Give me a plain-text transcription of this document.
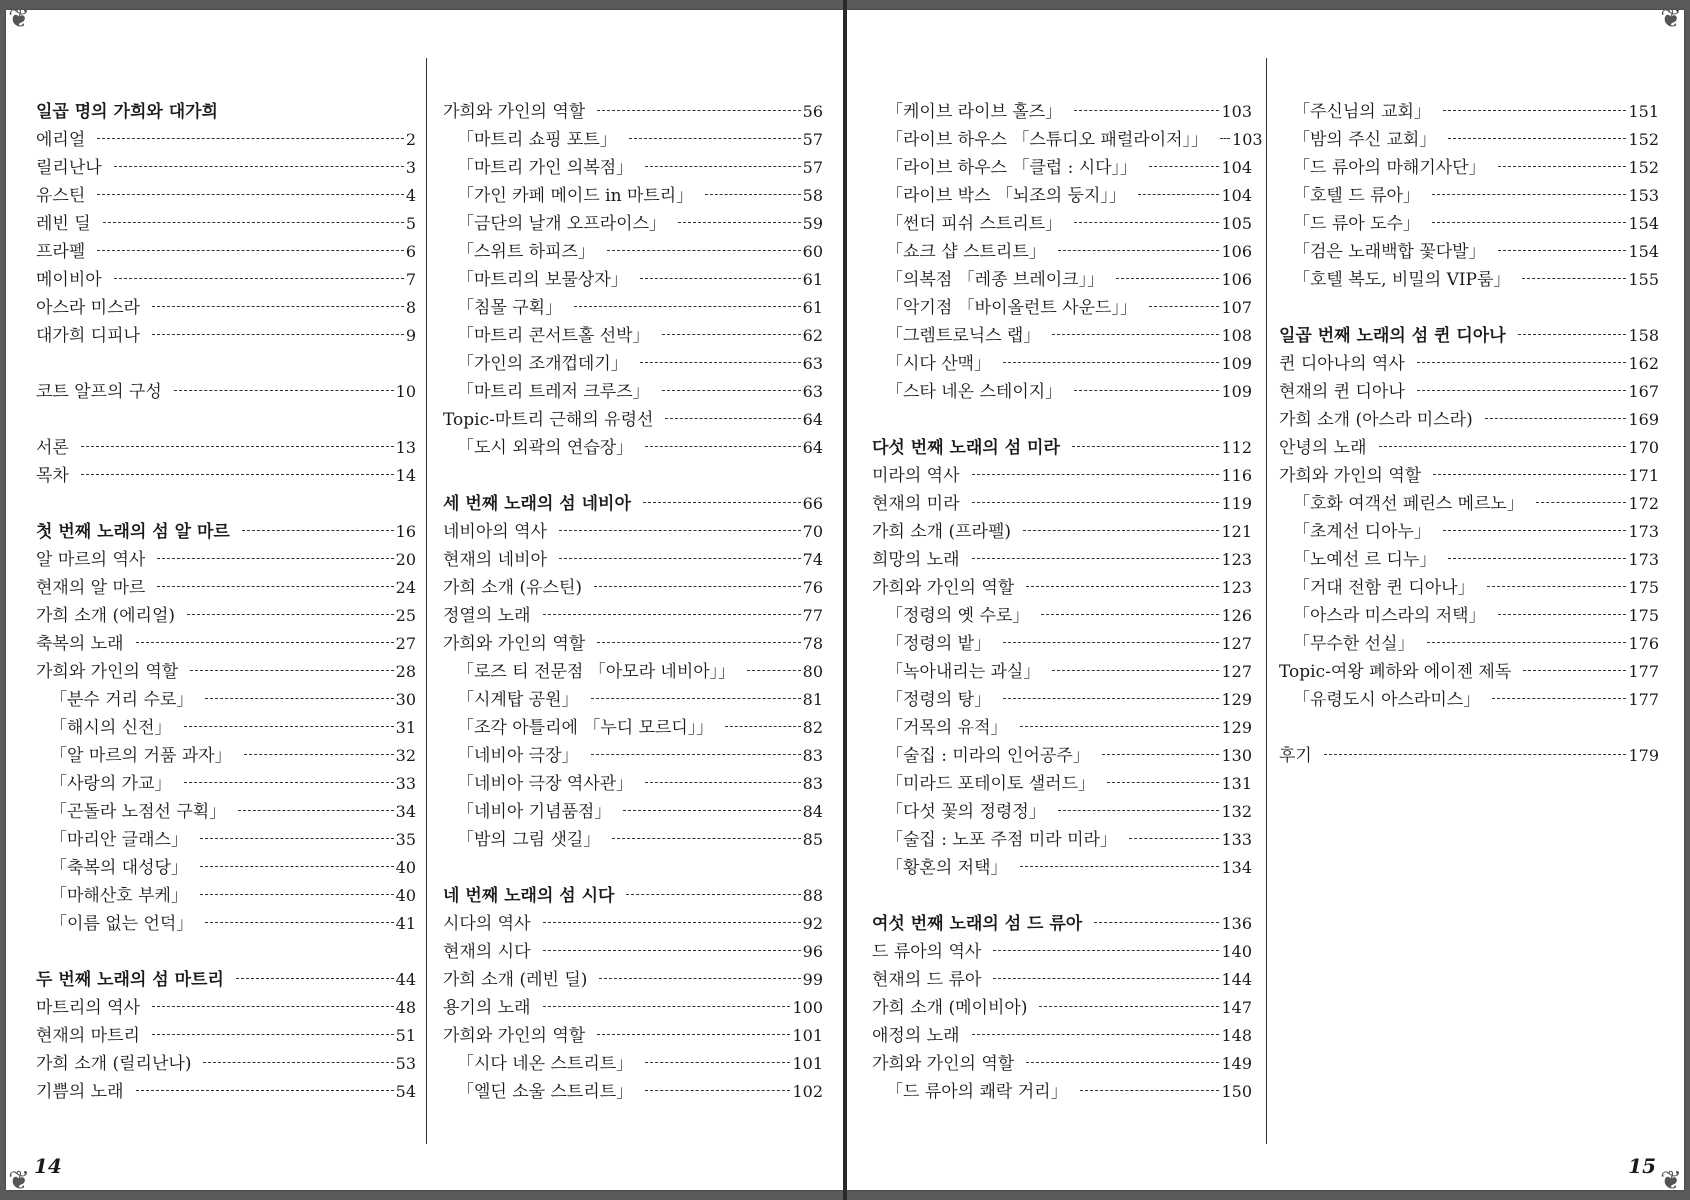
❦	❦
❦	❦
일곱 명의 가희와 대가희
에리얼	2
릴리난나	3
유스틴	4
레빈 딜	5
프라펠	6
메이비아	7
아스라 미스라	8
대가희 디피나	9
코트 알프의 구성	10
서론	13
목차	14
첫 번째 노래의 섬 알 마르	16
알 마르의 역사	20
현재의 알 마르	24
가희 소개 (에리얼)	25
축복의 노래	27
가희와 가인의 역할	28
「분수 거리 수로」	30
「해시의 신전」	31
「알 마르의 거품 과자」	32
「사랑의 가교」	33
「곤돌라 노점선 구획」	34
「마리안 글래스」	35
「축복의 대성당」	40
「마해산호 부케」	40
「이름 없는 언덕」	41
두 번째 노래의 섬 마트리	44
마트리의 역사	48
현재의 마트리	51
가희 소개 (릴리난나)	53
기쁨의 노래	54
가희와 가인의 역할	56
「마트리 쇼핑 포트」	57
「마트리 가인 의복점」	57
「가인 카페 메이드 in 마트리」	58
「금단의 날개 오프라이스」	59
「스위트 하피즈」	60
「마트리의 보물상자」	61
「침몰 구획」	61
「마트리 콘서트홀 선박」	62
「가인의 조개껍데기」	63
「마트리 트레저 크루즈」	63
Topic-마트리 근해의 유령선	64
「도시 외곽의 연습장」	64
세 번째 노래의 섬 네비아	66
네비아의 역사	70
현재의 네비아	74
가희 소개 (유스틴)	76
정열의 노래	77
가희와 가인의 역할	78
「로즈 티 전문점 「아모라 네비아」」	80
「시계탑 공원」	81
「조각 아틀리에 「누디 모르디」」	82
「네비아 극장」	83
「네비아 극장 역사관」	83
「네비아 기념품점」	84
「밤의 그림 샛길」	85
네 번째 노래의 섬 시다	88
시다의 역사	92
현재의 시다	96
가희 소개 (레빈 딜)	99
용기의 노래	100
가희와 가인의 역할	101
「시다 네온 스트리트」	101
「엘딘 소울 스트리트」	102
「케이브 라이브 홀즈」	103
「라이브 하우스 「스튜디오 패럴라이저」」 103
「라이브 하우스 「클럽 : 시다」」	104
「라이브 박스 「뇌조의 둥지」」	104
「썬더 피쉬 스트리트」	105
「쇼크 샵 스트리트」	106
「의복점 「레종 브레이크」」	106
「악기점 「바이올런트 사운드」」	107
「그렘트로닉스 랩」	108
「시다 산맥」	109
「스타 네온 스테이지」	109
다섯 번째 노래의 섬 미라	112
미라의 역사	116
현재의 미라	119
가희 소개 (프라펠)	121
희망의 노래	123
가희와 가인의 역할	123
「정령의 옛 수로」	126
「정령의 밭」	127
「녹아내리는 과실」	127
「정령의 탕」	129
「거목의 유적」	129
「술집 : 미라의 인어공주」	130
「미라드 포테이토 샐러드」	131
「다섯 꽃의 정령정」	132
「술집 : 노포 주점 미라 미라」	133
「황혼의 저택」	134
여섯 번째 노래의 섬 드 류아	136
드 류아의 역사	140
현재의 드 류아	144
가희 소개 (메이비아)	147
애정의 노래	148
가희와 가인의 역할	149
「드 류아의 쾌락 거리」	150
「주신님의 교회」	151
「밤의 주신 교회」	152
「드 류아의 마해기사단」	152
「호텔 드 류아」	153
「드 류아 도수」	154
「검은 노래백합 꽃다발」	154
「호텔 복도, 비밀의 VIP룸」	155
일곱 번째 노래의 섬 퀸 디아나	158
퀸 디아나의 역사	162
현재의 퀸 디아나	167
가희 소개 (아스라 미스라)	169
안녕의 노래	170
가희와 가인의 역할	171
「호화 여객선 페린스 메르노」	172
「초계선 디아누」	173
「노예선 르 디누」	173
「거대 전함 퀸 디아나」	175
「아스라 미스라의 저택」	175
「무수한 선실」	176
Topic-여왕 폐하와 에이젠 제독	177
「유령도시 아스라미스」	177
후기	179
14	15
